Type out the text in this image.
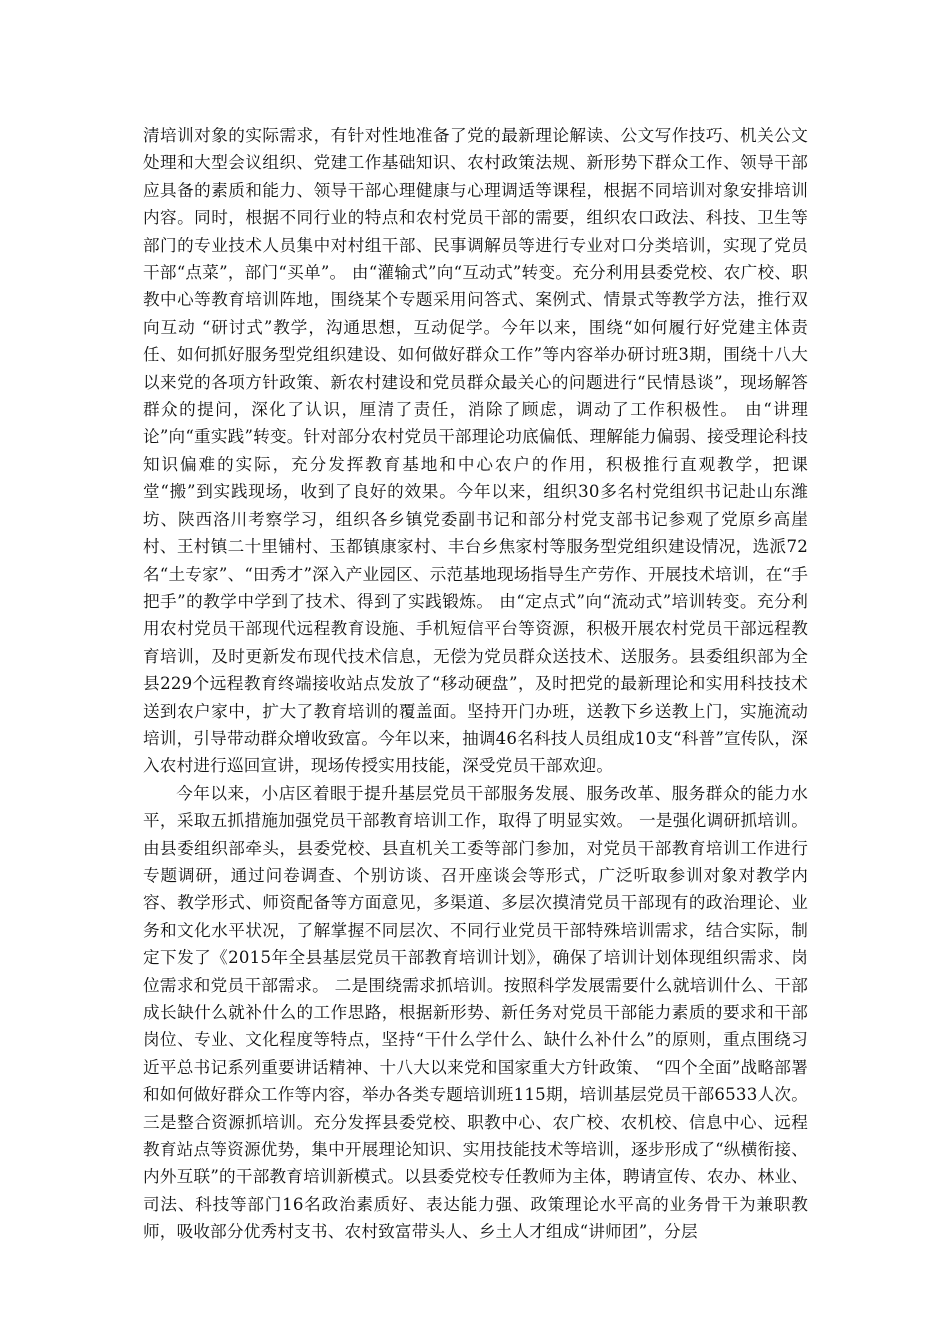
清培训对象的实际需求，有针对性地准备了党的最新理论解读、公文写作技巧、机关公文处理和大型会议组织、党建工作基础知识、农村政策法规、新形势下群众工作、领导干部应具备的素质和能力、领导干部心理健康与心理调适等课程，根据不同培训对象安排培训内容。同时，根据不同行业的特点和农村党员干部的需要，组织农口政法、科技、卫生等部门的专业技术人员集中对村组干部、民事调解员等进行专业对口分类培训，实现了党员干部“点菜”，部门“买单”。 由“灌输式”向“互动式”转变。充分利用县委党校、农广校、职教中心等教育培训阵地，围绕某个专题采用问答式、案例式、情景式等教学方法，推行双向互动 “研讨式”教学，沟通思想，互动促学。今年以来，围绕“如何履行好党建主体责任、如何抓好服务型党组织建设、如何做好群众工作”等内容举办研讨班3期，围绕十八大以来党的各项方针政策、新农村建设和党员群众最关心的问题进行“民情恳谈”，现场解答群众的提问，深化了认识，厘清了责任，消除了顾虑，调动了工作积极性。 由“讲理论”向“重实践”转变。针对部分农村党员干部理论功底偏低、理解能力偏弱、接受理论科技知识偏难的实际，充分发挥教育基地和中心农户的作用，积极推行直观教学，把课堂“搬”到实践现场，收到了良好的效果。今年以来，组织30多名村党组织书记赴山东潍坊、陕西洛川考察学习，组织各乡镇党委副书记和部分村党支部书记参观了党原乡高崖村、王村镇二十里铺村、玉都镇康家村、丰台乡焦家村等服务型党组织建设情况，选派72名“土专家”、“田秀才”深入产业园区、示范基地现场指导生产劳作、开展技术培训，在“手把手”的教学中学到了技术、得到了实践锻炼。 由“定点式”向“流动式”培训转变。充分利用农村党员干部现代远程教育设施、手机短信平台等资源，积极开展农村党员干部远程教育培训，及时更新发布现代技术信息，无偿为党员群众送技术、送服务。县委组织部为全县229个远程教育终端接收站点发放了“移动硬盘”，及时把党的最新理论和实用科技技术送到农户家中，扩大了教育培训的覆盖面。坚持开门办班，送教下乡送教上门，实施流动培训，引导带动群众增收致富。今年以来，抽调46名科技人员组成10支“科普”宣传队，深入农村进行巡回宣讲，现场传授实用技能，深受党员干部欢迎。

今年以来，小店区着眼于提升基层党员干部服务发展、服务改革、服务群众的能力水平，采取五抓措施加强党员干部教育培训工作，取得了明显实效。 一是强化调研抓培训。由县委组织部牵头，县委党校、县直机关工委等部门参加，对党员干部教育培训工作进行专题调研，通过问卷调查、个别访谈、召开座谈会等形式，广泛听取参训对象对教学内容、教学形式、师资配备等方面意见，多渠道、多层次摸清党员干部现有的政治理论、业务和文化水平状况，了解掌握不同层次、不同行业党员干部特殊培训需求，结合实际，制定下发了《2015年全县基层党员干部教育培训计划》，确保了培训计划体现组织需求、岗位需求和党员干部需求。 二是围绕需求抓培训。按照科学发展需要什么就培训什么、干部成长缺什么就补什么的工作思路，根据新形势、新任务对党员干部能力素质的要求和干部岗位、专业、文化程度等特点，坚持“干什么学什么、缺什么补什么”的原则，重点围绕习近平总书记系列重要讲话精神、十八大以来党和国家重大方针政策、 “四个全面”战略部署和如何做好群众工作等内容，举办各类专题培训班115期，培训基层党员干部6533人次。 三是整合资源抓培训。充分发挥县委党校、职教中心、农广校、农机校、信息中心、远程教育站点等资源优势，集中开展理论知识、实用技能技术等培训，逐步形成了“纵横衔接、内外互联”的干部教育培训新模式。以县委党校专任教师为主体，聘请宣传、农办、林业、司法、科技等部门16名政治素质好、表达能力强、政策理论水平高的业务骨干为兼职教师，吸收部分优秀村支书、农村致富带头人、乡土人才组成“讲师团”，分层
